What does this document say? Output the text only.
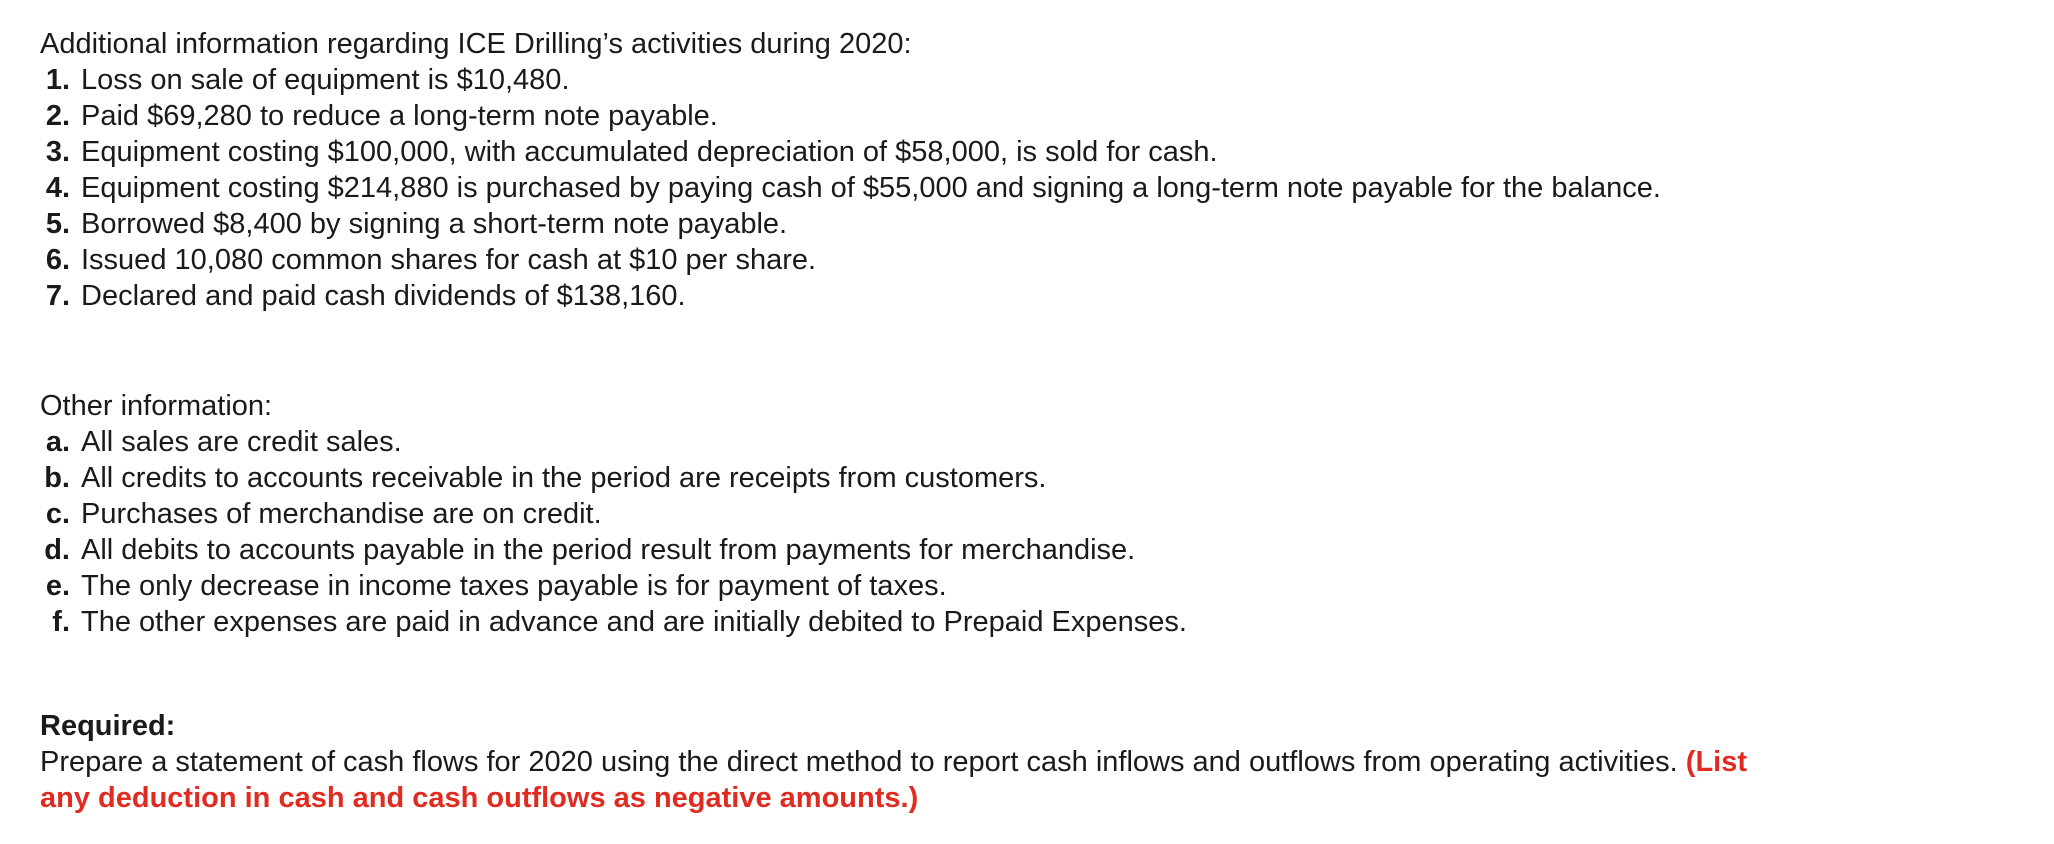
Additional information regarding ICE Drilling’s activities during 2020:
1. Loss on sale of equipment is $10,480.
2. Paid $69,280 to reduce a long-term note payable.
3. Equipment costing $100,000, with accumulated depreciation of $58,000, is sold for cash.
4. Equipment costing $214,880 is purchased by paying cash of $55,000 and signing a long-term note payable for the balance.
5. Borrowed $8,400 by signing a short-term note payable.
6. Issued 10,080 common shares for cash at $10 per share.
7. Declared and paid cash dividends of $138,160.
Other information:
a. All sales are credit sales.
b. All credits to accounts receivable in the period are receipts from customers.
c. Purchases of merchandise are on credit.
d. All debits to accounts payable in the period result from payments for merchandise.
e. The only decrease in income taxes payable is for payment of taxes.
f. The other expenses are paid in advance and are initially debited to Prepaid Expenses.
Required:
Prepare a statement of cash flows for 2020 using the direct method to report cash inflows and outflows from operating activities. (List
any deduction in cash and cash outflows as negative amounts.)
